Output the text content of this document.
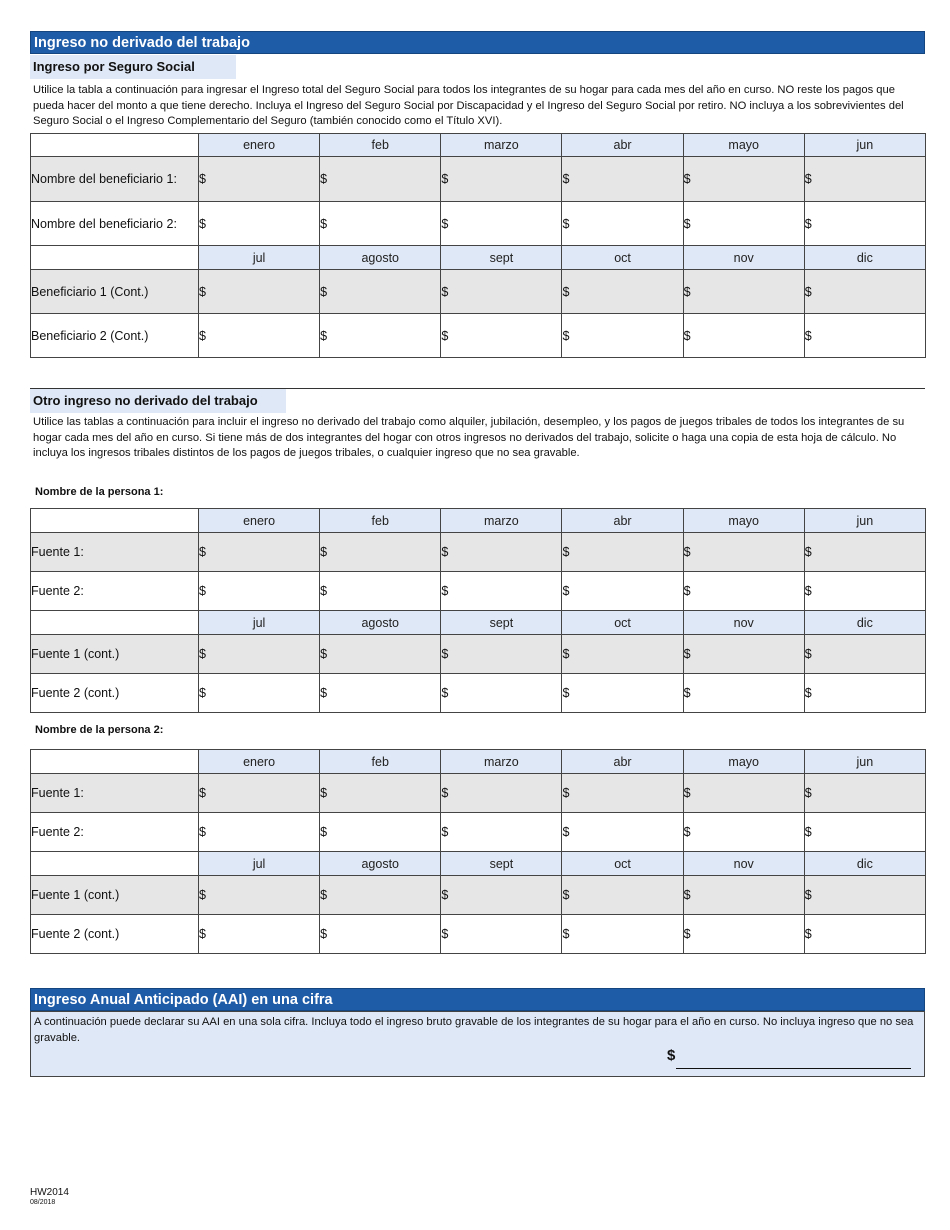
Ingreso no derivado del trabajo
Ingreso por Seguro Social
Utilice la tabla a continuación para ingresar el Ingreso total del Seguro Social para todos los integrantes de su hogar para cada mes del año en curso. NO reste los pagos que pueda hacer del monto a que tiene derecho. Incluya el Ingreso del Seguro Social por Discapacidad y el Ingreso del Seguro Social por retiro. NO incluya a los sobrevivientes del Seguro Social o el Ingreso Complementario del Seguro (también conocido como el Título XVI).
	enero	feb	marzo	abr	mayo	jun
Nombre del beneficiario 1:	$	$	$	$	$	$
Nombre del beneficiario 2:	$	$	$	$	$	$
	jul	agosto	sept	oct	nov	dic
Beneficiario 1 (Cont.)	$	$	$	$	$	$
Beneficiario 2 (Cont.)	$	$	$	$	$	$
Otro ingreso no derivado del trabajo
Utilice las tablas a continuación para incluir el ingreso no derivado del trabajo como alquiler, jubilación, desempleo, y los pagos de juegos tribales de todos los integrantes de su hogar cada mes del año en curso. Si tiene más de dos integrantes del hogar con otros ingresos no derivados del trabajo, solicite o haga una copia de esta hoja de cálculo. No incluya los ingresos tribales distintos de los pagos de juegos tribales, o cualquier ingreso que no sea gravable.
Nombre de la persona 1:
	enero	feb	marzo	abr	mayo	jun
Fuente 1:	$	$	$	$	$	$
Fuente 2:	$	$	$	$	$	$
	jul	agosto	sept	oct	nov	dic
Fuente 1 (cont.)	$	$	$	$	$	$
Fuente 2 (cont.)	$	$	$	$	$	$
Nombre de la persona 2:
	enero	feb	marzo	abr	mayo	jun
Fuente 1:	$	$	$	$	$	$
Fuente 2:	$	$	$	$	$	$
	jul	agosto	sept	oct	nov	dic
Fuente 1 (cont.)	$	$	$	$	$	$
Fuente 2 (cont.)	$	$	$	$	$	$
Ingreso Anual Anticipado (AAI) en una cifra
A continuación puede declarar su AAI en una sola cifra. Incluya todo el ingreso bruto gravable de los integrantes de su hogar para el año en curso. No incluya ingreso que no sea gravable.
$
HW2014
08/2018
